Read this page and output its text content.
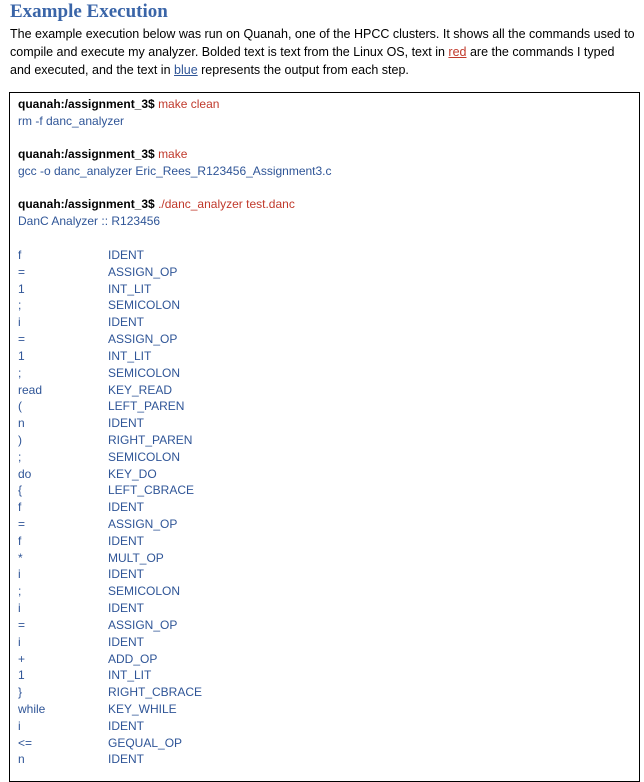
Example Execution
The example execution below was run on Quanah, one of the HPCC clusters. It shows all the commands used to compile and execute my analyzer. Bolded text is text from the Linux OS, text in red are the commands I typed and executed, and the text in blue represents the output from each step.
quanah:/assignment_3$ make clean
rm -f danc_analyzer
quanah:/assignment_3$ make
gcc -o danc_analyzer Eric_Rees_R123456_Assignment3.c
quanah:/assignment_3$ ./danc_analyzer test.danc
DanC Analyzer :: R123456
f	IDENT
=	ASSIGN_OP
1	INT_LIT
;	SEMICOLON
i	IDENT
=	ASSIGN_OP
1	INT_LIT
;	SEMICOLON
read	KEY_READ
(	LEFT_PAREN
n	IDENT
)	RIGHT_PAREN
;	SEMICOLON
do	KEY_DO
{	LEFT_CBRACE
f	IDENT
=	ASSIGN_OP
f	IDENT
*	MULT_OP
i	IDENT
;	SEMICOLON
i	IDENT
=	ASSIGN_OP
i	IDENT
+	ADD_OP
1	INT_LIT
}	RIGHT_CBRACE
while	KEY_WHILE
i	IDENT
<=	GEQUAL_OP
n	IDENT
